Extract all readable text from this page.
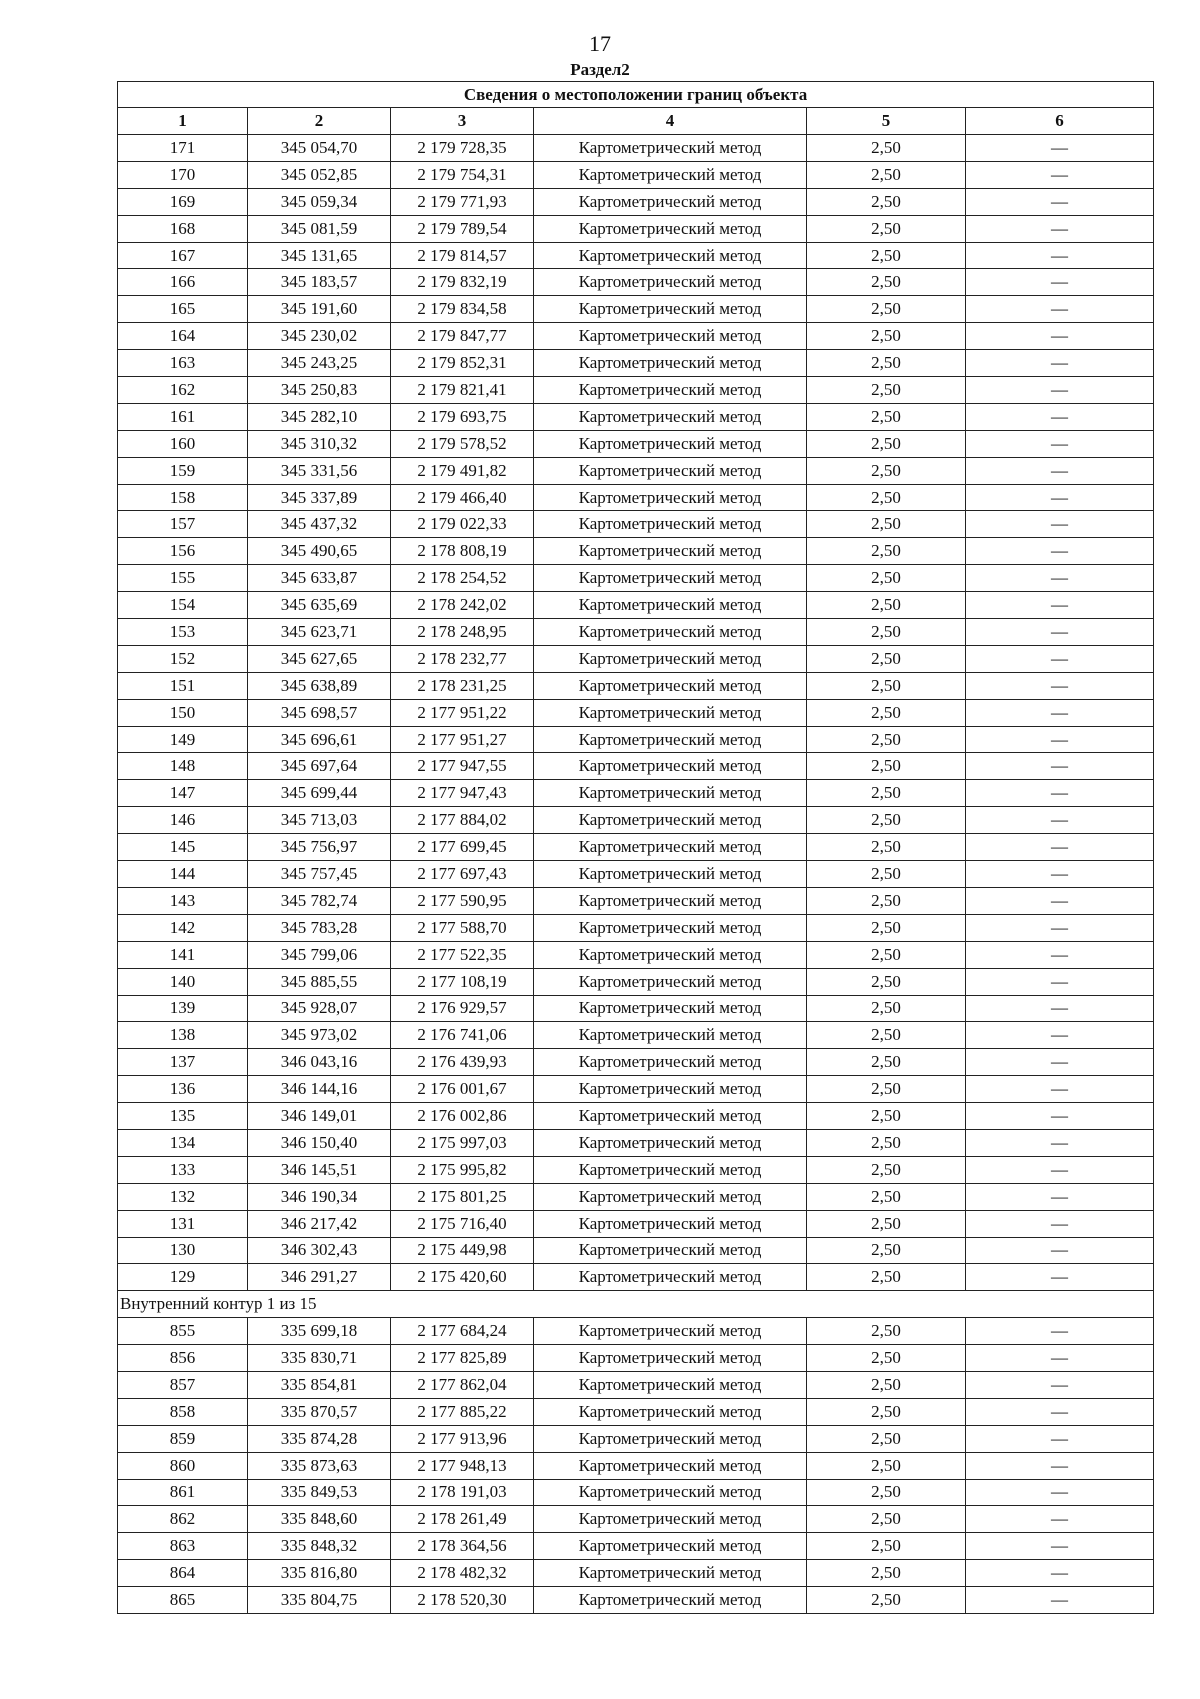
17
Раздел2
Сведения о местоположении границ объекта					
1	2	3	4	5	6
171	345 054,70	2 179 728,35	Картометрический метод	2,50	—
170	345 052,85	2 179 754,31	Картометрический метод	2,50	—
169	345 059,34	2 179 771,93	Картометрический метод	2,50	—
168	345 081,59	2 179 789,54	Картометрический метод	2,50	—
167	345 131,65	2 179 814,57	Картометрический метод	2,50	—
166	345 183,57	2 179 832,19	Картометрический метод	2,50	—
165	345 191,60	2 179 834,58	Картометрический метод	2,50	—
164	345 230,02	2 179 847,77	Картометрический метод	2,50	—
163	345 243,25	2 179 852,31	Картометрический метод	2,50	—
162	345 250,83	2 179 821,41	Картометрический метод	2,50	—
161	345 282,10	2 179 693,75	Картометрический метод	2,50	—
160	345 310,32	2 179 578,52	Картометрический метод	2,50	—
159	345 331,56	2 179 491,82	Картометрический метод	2,50	—
158	345 337,89	2 179 466,40	Картометрический метод	2,50	—
157	345 437,32	2 179 022,33	Картометрический метод	2,50	—
156	345 490,65	2 178 808,19	Картометрический метод	2,50	—
155	345 633,87	2 178 254,52	Картометрический метод	2,50	—
154	345 635,69	2 178 242,02	Картометрический метод	2,50	—
153	345 623,71	2 178 248,95	Картометрический метод	2,50	—
152	345 627,65	2 178 232,77	Картометрический метод	2,50	—
151	345 638,89	2 178 231,25	Картометрический метод	2,50	—
150	345 698,57	2 177 951,22	Картометрический метод	2,50	—
149	345 696,61	2 177 951,27	Картометрический метод	2,50	—
148	345 697,64	2 177 947,55	Картометрический метод	2,50	—
147	345 699,44	2 177 947,43	Картометрический метод	2,50	—
146	345 713,03	2 177 884,02	Картометрический метод	2,50	—
145	345 756,97	2 177 699,45	Картометрический метод	2,50	—
144	345 757,45	2 177 697,43	Картометрический метод	2,50	—
143	345 782,74	2 177 590,95	Картометрический метод	2,50	—
142	345 783,28	2 177 588,70	Картометрический метод	2,50	—
141	345 799,06	2 177 522,35	Картометрический метод	2,50	—
140	345 885,55	2 177 108,19	Картометрический метод	2,50	—
139	345 928,07	2 176 929,57	Картометрический метод	2,50	—
138	345 973,02	2 176 741,06	Картометрический метод	2,50	—
137	346 043,16	2 176 439,93	Картометрический метод	2,50	—
136	346 144,16	2 176 001,67	Картометрический метод	2,50	—
135	346 149,01	2 176 002,86	Картометрический метод	2,50	—
134	346 150,40	2 175 997,03	Картометрический метод	2,50	—
133	346 145,51	2 175 995,82	Картометрический метод	2,50	—
132	346 190,34	2 175 801,25	Картометрический метод	2,50	—
131	346 217,42	2 175 716,40	Картометрический метод	2,50	—
130	346 302,43	2 175 449,98	Картометрический метод	2,50	—
129	346 291,27	2 175 420,60	Картометрический метод	2,50	—
Внутренний контур 1 из 15					
855	335 699,18	2 177 684,24	Картометрический метод	2,50	—
856	335 830,71	2 177 825,89	Картометрический метод	2,50	—
857	335 854,81	2 177 862,04	Картометрический метод	2,50	—
858	335 870,57	2 177 885,22	Картометрический метод	2,50	—
859	335 874,28	2 177 913,96	Картометрический метод	2,50	—
860	335 873,63	2 177 948,13	Картометрический метод	2,50	—
861	335 849,53	2 178 191,03	Картометрический метод	2,50	—
862	335 848,60	2 178 261,49	Картометрический метод	2,50	—
863	335 848,32	2 178 364,56	Картометрический метод	2,50	—
864	335 816,80	2 178 482,32	Картометрический метод	2,50	—
865	335 804,75	2 178 520,30	Картометрический метод	2,50	—
